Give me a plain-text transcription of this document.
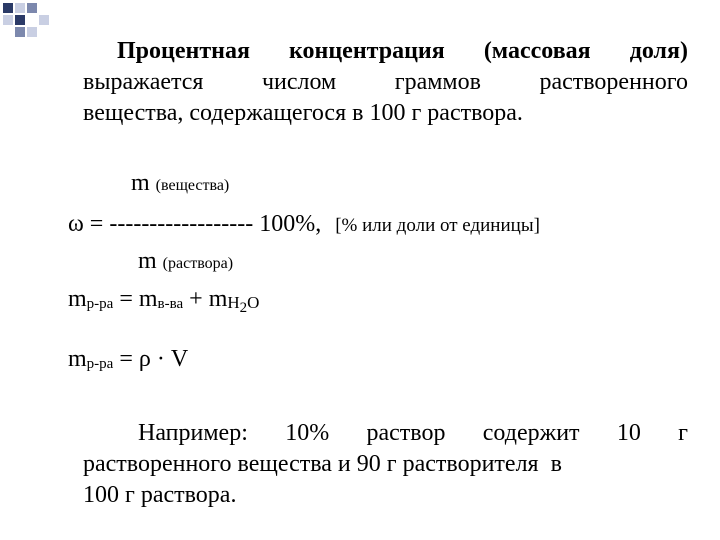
Процентная концентрация (массовая доля)
выражается числом граммов растворенного
вещества, содержащегося в 100 г раствора.
m (вещества)
ω = ------------------ 100%, [% или доли от единицы]
m (раствора)
$mр-ра = mв-ва + mH_2O$
mр-ра = ρ · V
Например: 10% раствор содержит 10 г
растворенного вещества и 90 г растворителя  в
100 г раствора.
